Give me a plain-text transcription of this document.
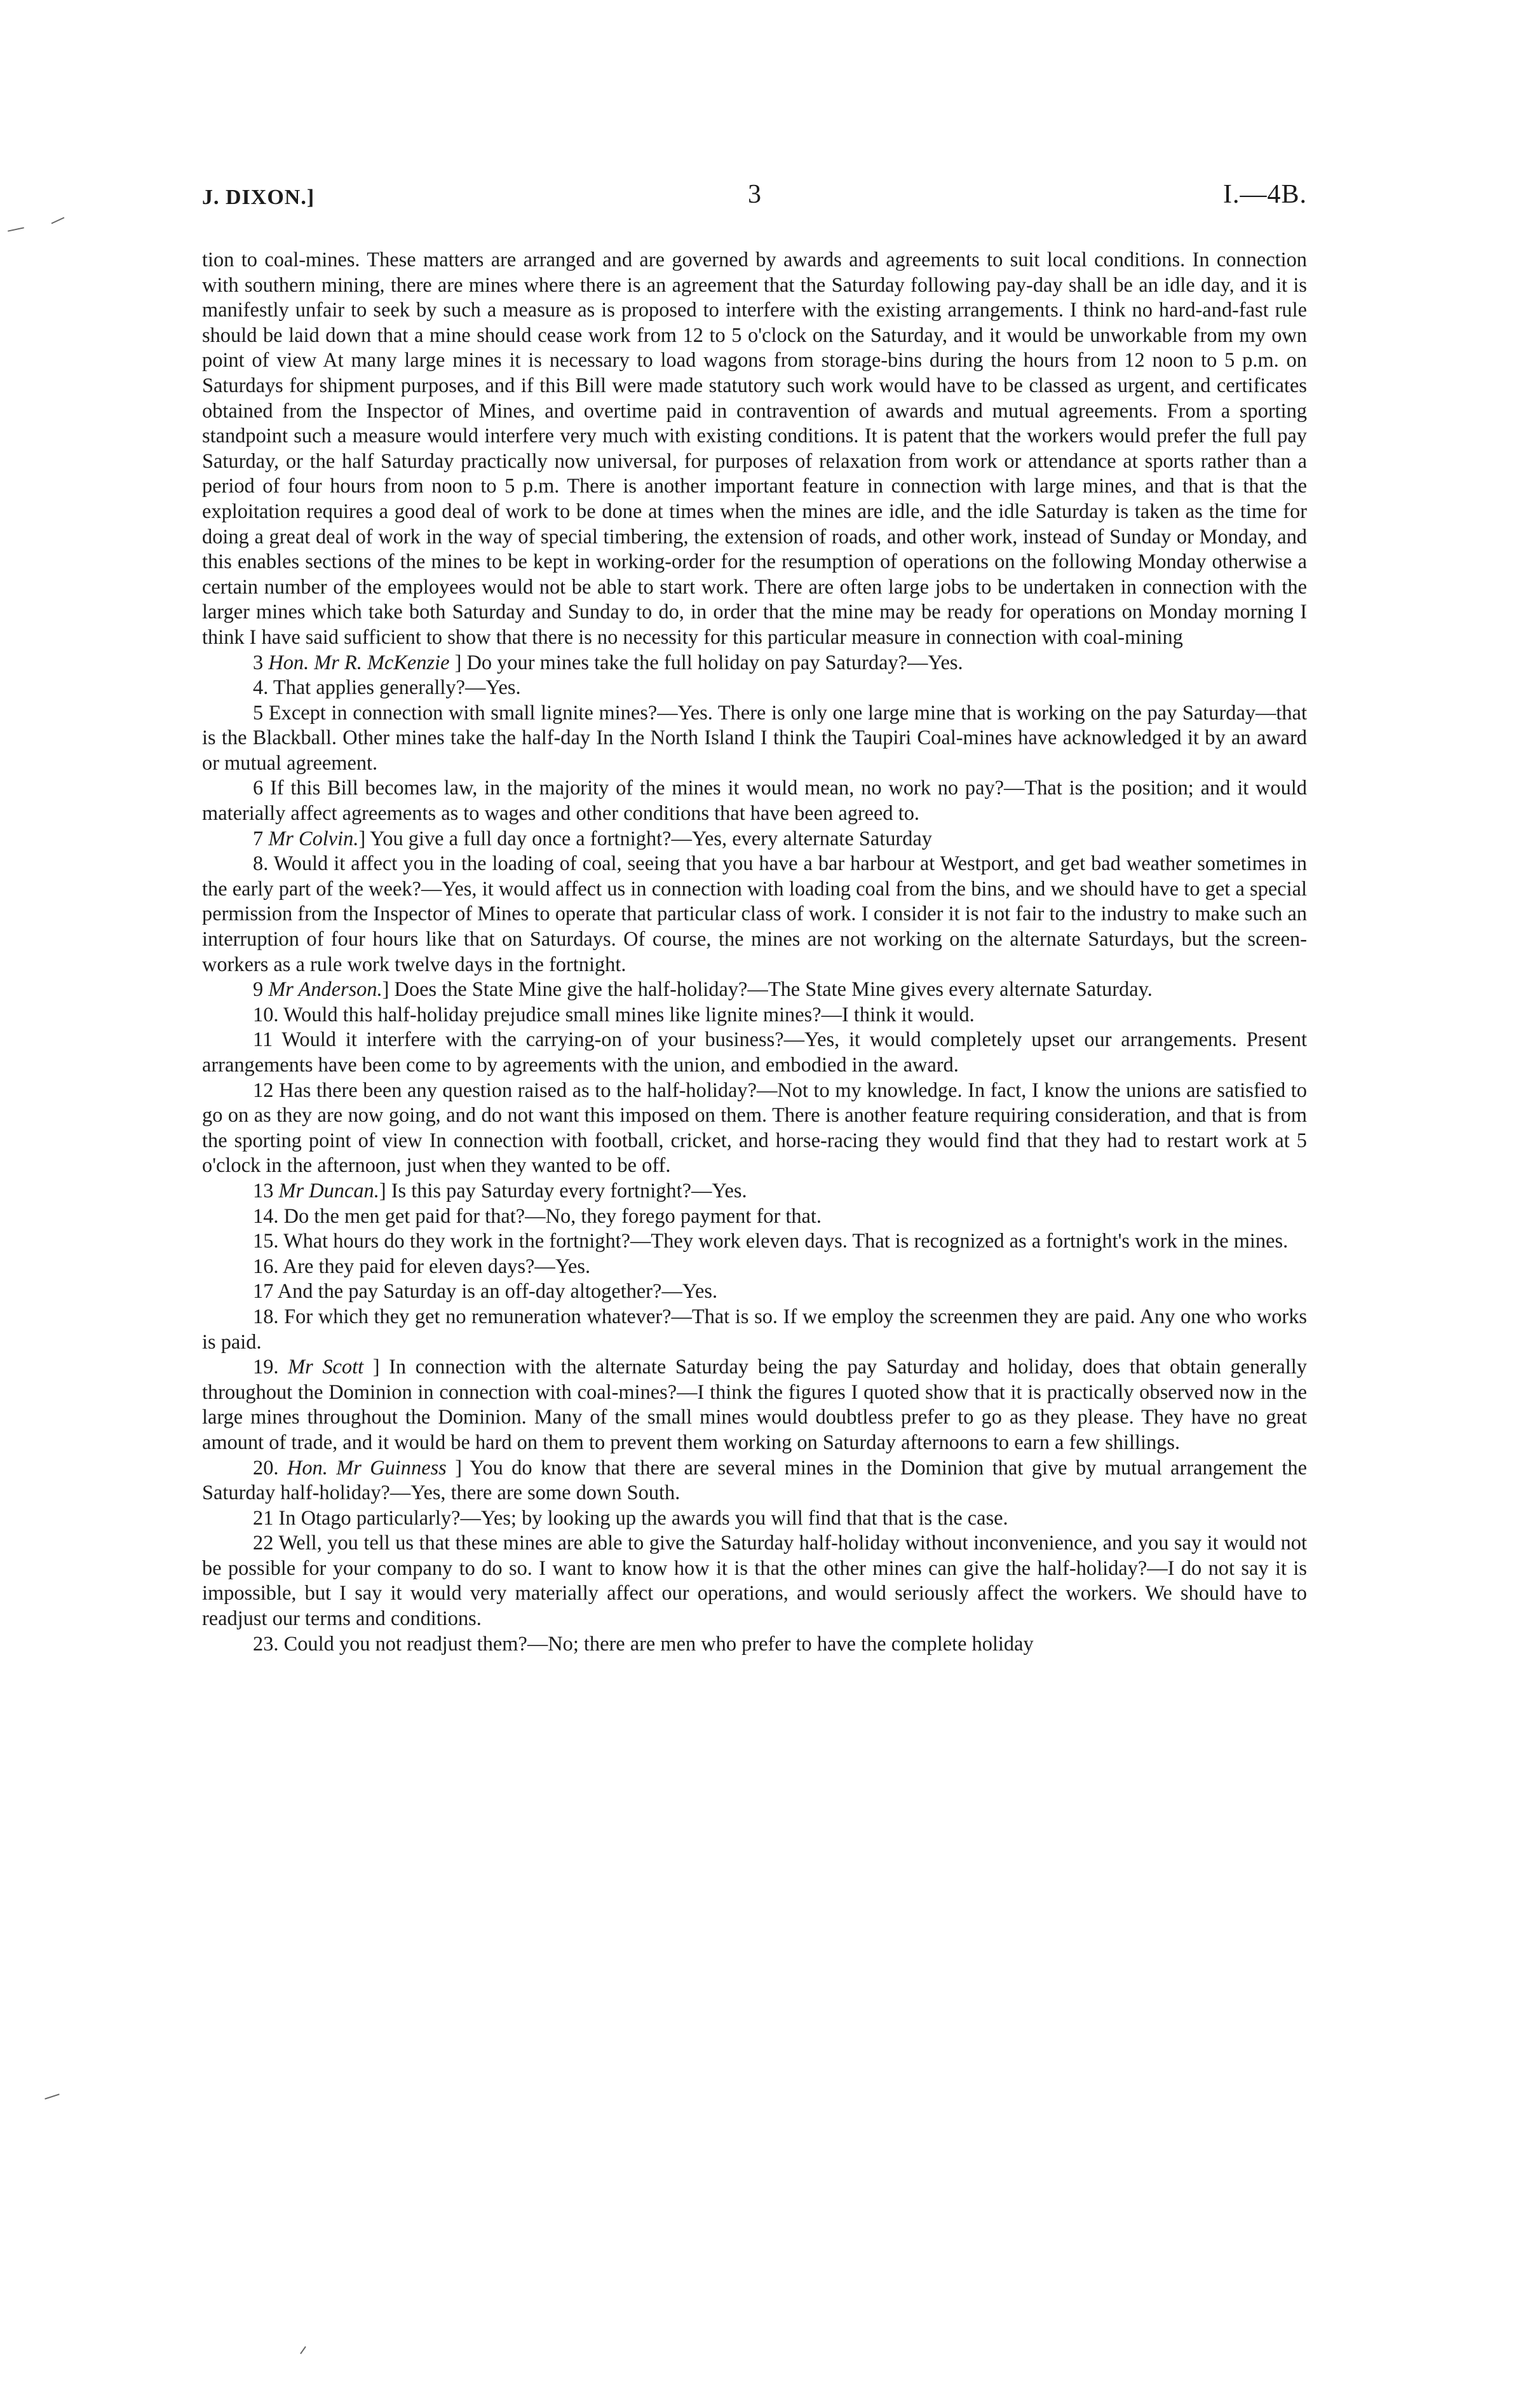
J. DIXON.]	3	I.—4B.

tion to coal-mines. These matters are arranged and are governed by awards and agreements to suit local conditions. In connection with southern mining, there are mines where there is an agreement that the Saturday following pay-day shall be an idle day, and it is manifestly unfair to seek by such a measure as is proposed to interfere with the existing arrangements. I think no hard-and-fast rule should be laid down that a mine should cease work from 12 to 5 o'clock on the Saturday, and it would be unworkable from my own point of view At many large mines it is necessary to load wagons from storage-bins during the hours from 12 noon to 5 p.m. on Saturdays for shipment purposes, and if this Bill were made statutory such work would have to be classed as urgent, and certificates obtained from the Inspector of Mines, and overtime paid in contravention of awards and mutual agreements. From a sporting standpoint such a measure would interfere very much with existing conditions. It is patent that the workers would prefer the full pay Saturday, or the half Saturday practically now universal, for purposes of relaxation from work or attendance at sports rather than a period of four hours from noon to 5 p.m. There is another important feature in connection with large mines, and that is that the exploitation requires a good deal of work to be done at times when the mines are idle, and the idle Saturday is taken as the time for doing a great deal of work in the way of special timbering, the extension of roads, and other work, instead of Sunday or Monday, and this enables sections of the mines to be kept in working-order for the resumption of operations on the following Monday otherwise a certain number of the employees would not be able to start work. There are often large jobs to be undertaken in connection with the larger mines which take both Saturday and Sunday to do, in order that the mine may be ready for operations on Monday morning I think I have said sufficient to show that there is no necessity for this particular measure in connection with coal-mining

3 Hon. Mr R. McKenzie ] Do your mines take the full holiday on pay Saturday?—Yes.

4. That applies generally?—Yes.

5 Except in connection with small lignite mines?—Yes. There is only one large mine that is working on the pay Saturday—that is the Blackball. Other mines take the half-day In the North Island I think the Taupiri Coal-mines have acknowledged it by an award or mutual agreement.

6 If this Bill becomes law, in the majority of the mines it would mean, no work no pay?—That is the position; and it would materially affect agreements as to wages and other conditions that have been agreed to.

7 Mr Colvin.] You give a full day once a fortnight?—Yes, every alternate Saturday

8. Would it affect you in the loading of coal, seeing that you have a bar harbour at Westport, and get bad weather sometimes in the early part of the week?—Yes, it would affect us in connection with loading coal from the bins, and we should have to get a special permission from the Inspector of Mines to operate that particular class of work. I consider it is not fair to the industry to make such an interruption of four hours like that on Saturdays. Of course, the mines are not working on the alternate Saturdays, but the screen-workers as a rule work twelve days in the fortnight.

9 Mr Anderson.] Does the State Mine give the half-holiday?—The State Mine gives every alternate Saturday.

10. Would this half-holiday prejudice small mines like lignite mines?—I think it would.

11 Would it interfere with the carrying-on of your business?—Yes, it would completely upset our arrangements. Present arrangements have been come to by agreements with the union, and embodied in the award.

12 Has there been any question raised as to the half-holiday?—Not to my knowledge. In fact, I know the unions are satisfied to go on as they are now going, and do not want this imposed on them. There is another feature requiring consideration, and that is from the sporting point of view In connection with football, cricket, and horse-racing they would find that they had to restart work at 5 o'clock in the afternoon, just when they wanted to be off.

13 Mr Duncan.] Is this pay Saturday every fortnight?—Yes.

14. Do the men get paid for that?—No, they forego payment for that.

15. What hours do they work in the fortnight?—They work eleven days. That is recognized as a fortnight's work in the mines.

16. Are they paid for eleven days?—Yes.

17 And the pay Saturday is an off-day altogether?—Yes.

18. For which they get no remuneration whatever?—That is so. If we employ the screenmen they are paid. Any one who works is paid.

19. Mr Scott ] In connection with the alternate Saturday being the pay Saturday and holiday, does that obtain generally throughout the Dominion in connection with coal-mines?—I think the figures I quoted show that it is practically observed now in the large mines throughout the Dominion. Many of the small mines would doubtless prefer to go as they please. They have no great amount of trade, and it would be hard on them to prevent them working on Saturday afternoons to earn a few shillings.

20. Hon. Mr Guinness ] You do know that there are several mines in the Dominion that give by mutual arrangement the Saturday half-holiday?—Yes, there are some down South.

21 In Otago particularly?—Yes; by looking up the awards you will find that that is the case.

22 Well, you tell us that these mines are able to give the Saturday half-holiday without inconvenience, and you say it would not be possible for your company to do so. I want to know how it is that the other mines can give the half-holiday?—I do not say it is impossible, but I say it would very materially affect our operations, and would seriously affect the workers. We should have to readjust our terms and conditions.

23. Could you not readjust them?—No; there are men who prefer to have the complete holiday
